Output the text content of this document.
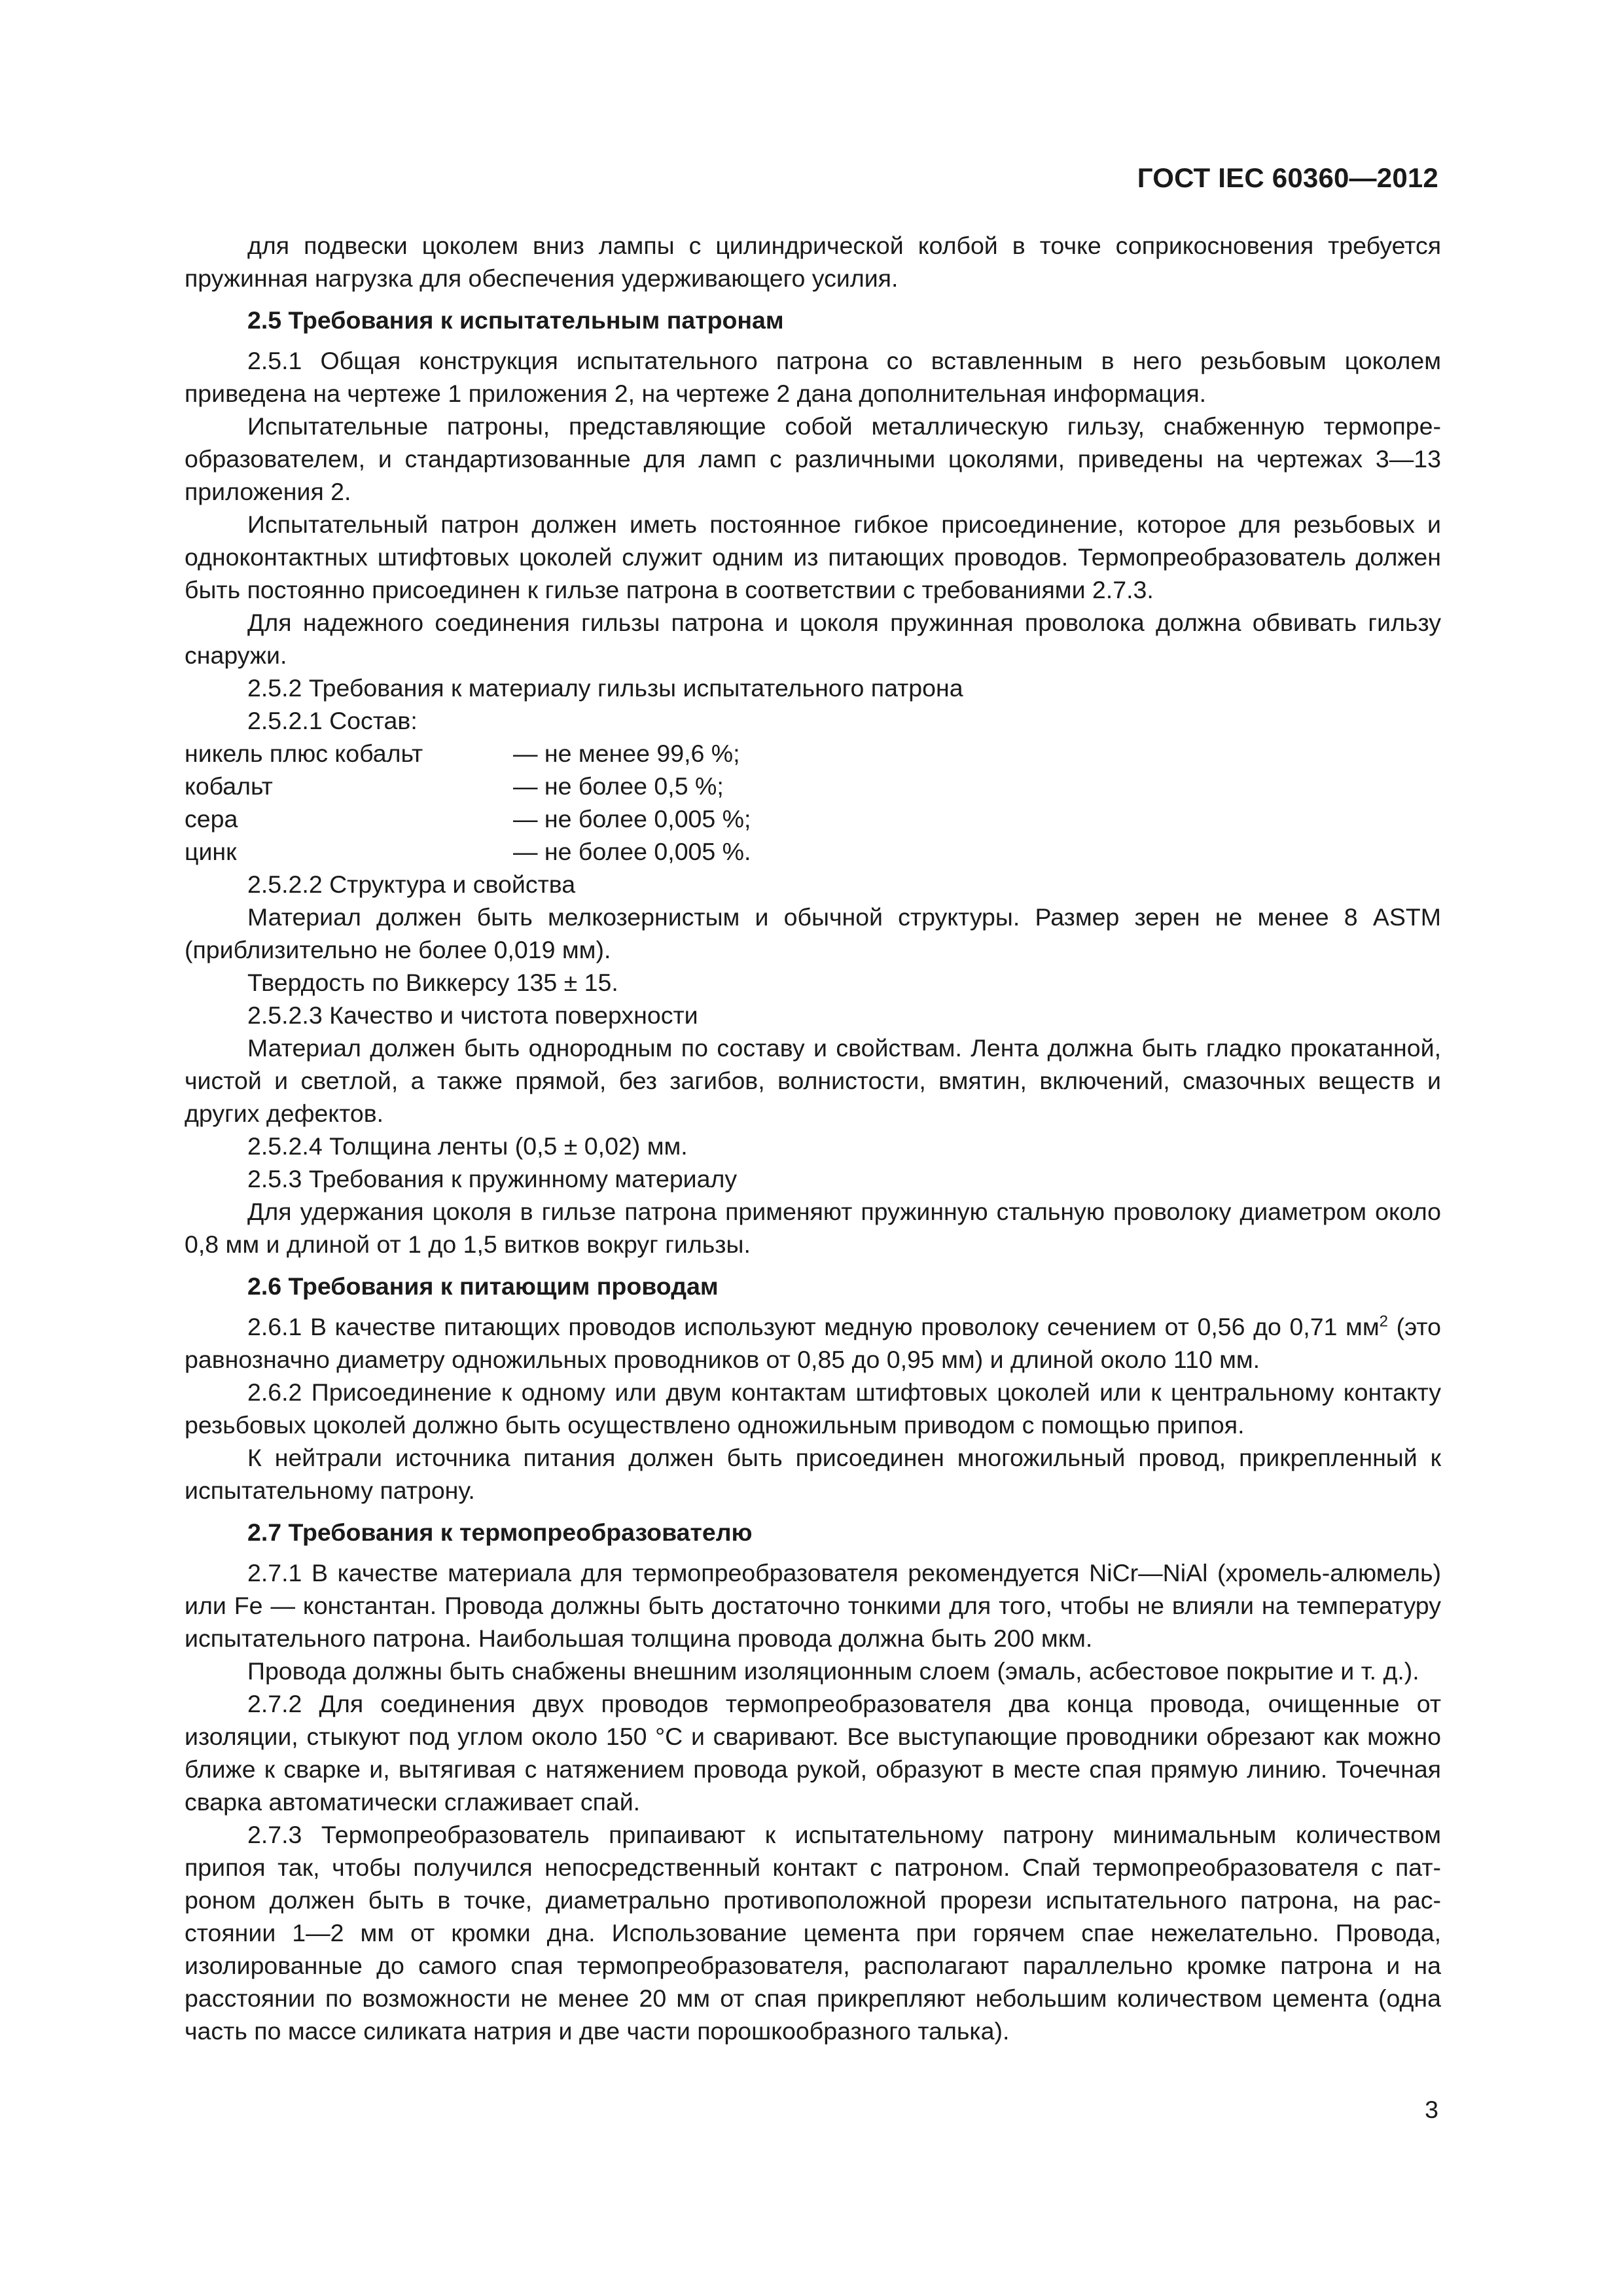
ГОСТ IEC 60360—2012

для подвески цоколем вниз лампы с цилиндрической колбой в точке соприкосновения требуется пружинная нагрузка для обеспечения удерживающего усилия.

2.5 Требования к испытательным патронам

2.5.1 Общая конструкция испытательного патрона со вставленным в него резьбовым цоколем приведена на чертеже 1 приложения 2, на чертеже 2 дана дополнительная информация.

Испытательные патроны, представляющие собой металлическую гильзу, снабженную термопреобразователем, и стандартизованные для ламп с различными цоколями, приведены на чертежах 3—13 приложения 2.

Испытательный патрон должен иметь постоянное гибкое присоединение, которое для резьбовых и одноконтактных штифтовых цоколей служит одним из питающих проводов. Термопреобразователь должен быть постоянно присоединен к гильзе патрона в соответствии с требованиями 2.7.3.

Для надежного соединения гильзы патрона и цоколя пружинная проволока должна обвивать гильзу снаружи.

2.5.2 Требования к материалу гильзы испытательного патрона

2.5.2.1 Состав:

никель плюс кобальт	— не менее 99,6 %;
кобальт	— не более 0,5 %;
сера	— не более 0,005 %;
цинк	— не более 0,005 %.

2.5.2.2 Структура и свойства

Материал должен быть мелкозернистым и обычной структуры. Размер зерен не менее 8 ASTM (приблизительно не более 0,019 мм).

Твердость по Виккерсу 135 ± 15.

2.5.2.3 Качество и чистота поверхности

Материал должен быть однородным по составу и свойствам. Лента должна быть гладко прокатанной, чистой и светлой, а также прямой, без загибов, волнистости, вмятин, включений, смазочных веществ и других дефектов.

2.5.2.4 Толщина ленты (0,5 ± 0,02) мм.

2.5.3 Требования к пружинному материалу

Для удержания цоколя в гильзе патрона применяют пружинную стальную проволоку диаметром около 0,8 мм и длиной от 1 до 1,5 витков вокруг гильзы.

2.6 Требования к питающим проводам

2.6.1 В качестве питающих проводов используют медную проволоку сечением от 0,56 до 0,71 $мм^2$ (это равнозначно диаметру одножильных проводников от 0,85 до 0,95 мм) и длиной около 110 мм.

2.6.2 Присоединение к одному или двум контактам штифтовых цоколей или к центральному контакту резьбовых цоколей должно быть осуществлено одножильным приводом с помощью припоя.

К нейтрали источника питания должен быть присоединен многожильный провод, прикрепленный к испытательному патрону.

2.7 Требования к термопреобразователю

2.7.1 В качестве материала для термопреобразователя рекомендуется NiCr—NiAl (хромель-алюмель) или Fe — константан. Провода должны быть достаточно тонкими для того, чтобы не влияли на температуру испытательного патрона. Наибольшая толщина провода должна быть 200 мкм.

Провода должны быть снабжены внешним изоляционным слоем (эмаль, асбестовое покрытие и т. д.).

2.7.2 Для соединения двух проводов термопреобразователя два конца провода, очищенные от изоляции, стыкуют под углом около 150 °С и сваривают. Все выступающие проводники обрезают как можно ближе к сварке и, вытягивая с натяжением провода рукой, образуют в месте спая прямую линию. Точечная сварка автоматически сглаживает спай.

2.7.3 Термопреобразователь припаивают к испытательному патрону минимальным количеством припоя так, чтобы получился непосредственный контакт с патроном. Спай термопреобразователя с патроном должен быть в точке, диаметрально противоположной прорези испытательного патрона, на расстоянии 1—2 мм от кромки дна. Использование цемента при горячем спае нежелательно. Провода, изолированные до самого спая термопреобразователя, располагают параллельно кромке патрона и на расстоянии по возможности не менее 20 мм от спая прикрепляют небольшим количеством цемента (одна часть по массе силиката натрия и две части порошкообразного талька).

3
